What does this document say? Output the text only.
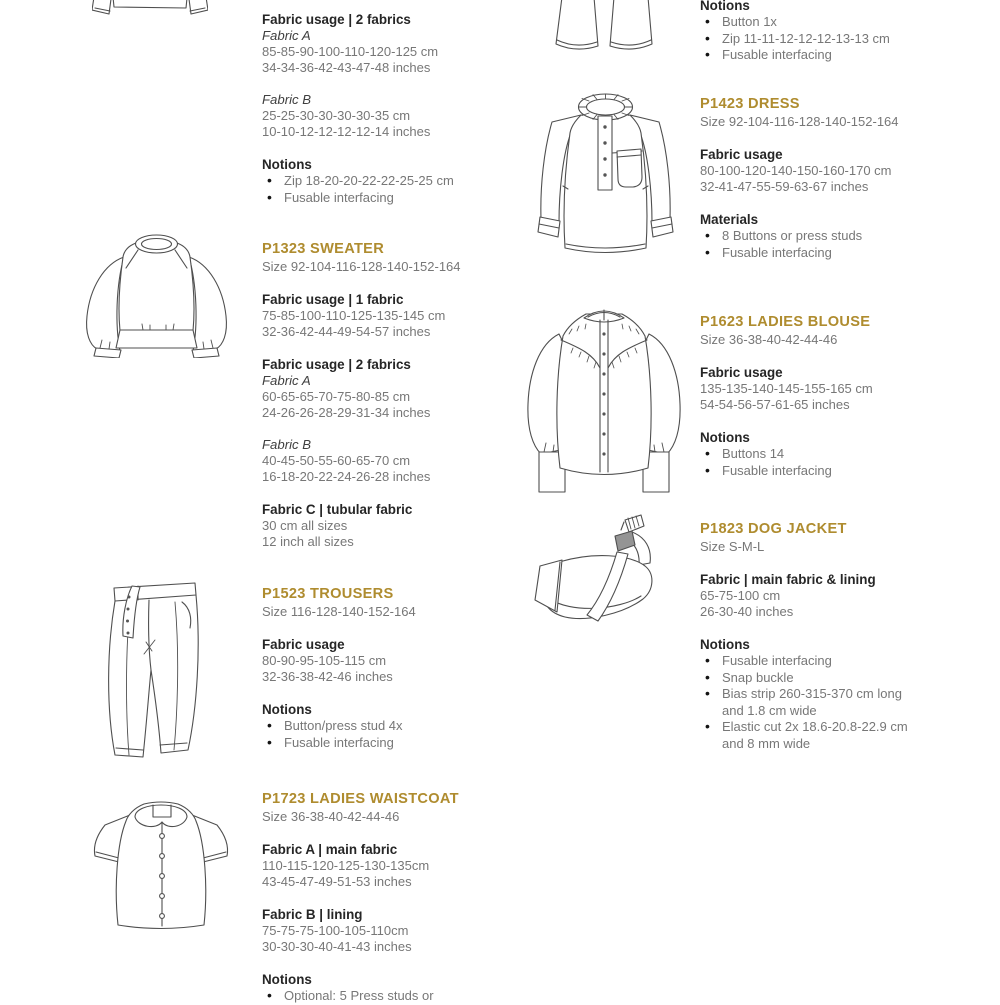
Fabric usage | 2 fabrics

Fabric A

85-85-90-100-110-120-125 cm

34-34-36-42-43-47-48 inches

Fabric B

25-25-30-30-30-30-35 cm

10-10-12-12-12-12-14 inches

Notions

• Zip 18-20-20-22-22-25-25 cm
• Fusable interfacing
P1323 SWEATER

Size 92-104-116-128-140-152-164

Fabric usage | 1 fabric

75-85-100-110-125-135-145 cm

32-36-42-44-49-54-57 inches

Fabric usage | 2 fabrics

Fabric A

60-65-65-70-75-80-85 cm

24-26-26-28-29-31-34 inches

Fabric B

40-45-50-55-60-65-70 cm

16-18-20-22-24-26-28 inches

Fabric C | tubular fabric

30 cm all sizes

12 inch all sizes

P1523 TROUSERS

Size 116-128-140-152-164

Fabric usage

80-90-95-105-115 cm

32-36-38-42-46 inches

Notions

• Button/press stud 4x
• Fusable interfacing
P1723 LADIES WAISTCOAT

Size 36-38-40-42-44-46

Fabric A | main fabric

110-115-120-125-130-135cm

43-45-47-49-51-53 inches

Fabric B | lining

75-75-75-100-105-110cm

30-30-30-40-41-43 inches

Notions

• Optional: 5 Press studs or

Notions

• Button 1x
• Zip 11-11-12-12-12-13-13 cm
• Fusable interfacing
P1423 DRESS

Size 92-104-116-128-140-152-164

Fabric usage

80-100-120-140-150-160-170 cm

32-41-47-55-59-63-67 inches

Materials

• 8 Buttons or press studs
• Fusable interfacing
P1623 LADIES BLOUSE

Size 36-38-40-42-44-46

Fabric usage

135-135-140-145-155-165 cm

54-54-56-57-61-65 inches

Notions

• Buttons 14
• Fusable interfacing
P1823 DOG JACKET

Size S-M-L

Fabric | main fabric & lining

65-75-100 cm

26-30-40 inches

Notions

• Fusable interfacing
• Snap buckle
• Bias strip 260-315-370 cm long and 1.8 cm wide
• Elastic cut 2x 18.6-20.8-22.9 cm and 8 mm wide
